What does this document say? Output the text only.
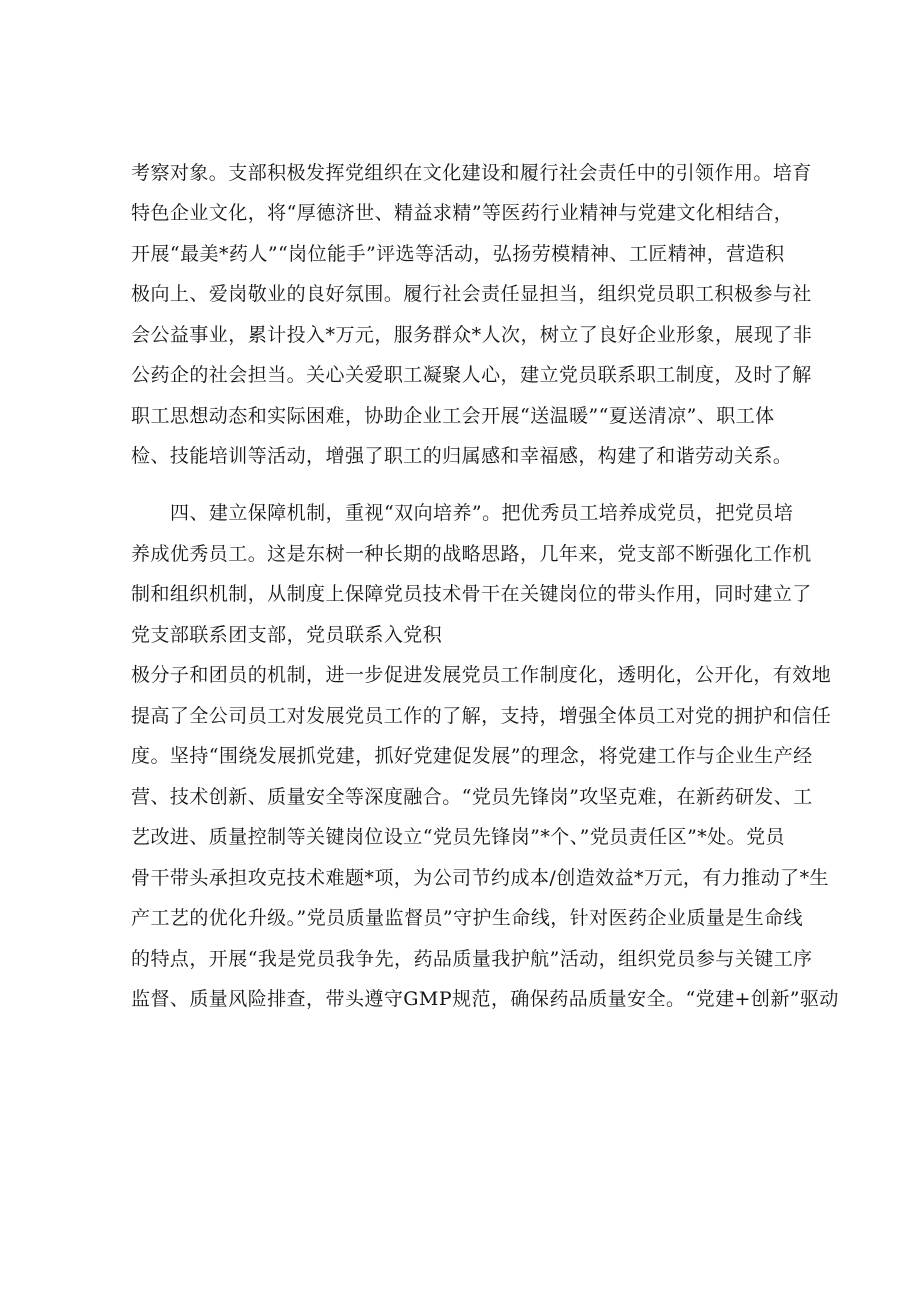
考察对象。支部积极发挥党组织在文化建设和履行社会责任中的引领作用。培育
特色企业文化，将“厚德济世、精益求精”等医药行业精神与党建文化相结合，
开展“最美*药人”“岗位能手”评选等活动，弘扬劳模精神、工匠精神，营造积
极向上、爱岗敬业的良好氛围。履行社会责任显担当，组织党员职工积极参与社
会公益事业，累计投入*万元，服务群众*人次，树立了良好企业形象，展现了非
公药企的社会担当。关心关爱职工凝聚人心，建立党员联系职工制度，及时了解
职工思想动态和实际困难，协助企业工会开展“送温暖”“夏送清凉”、职工体
检、技能培训等活动，增强了职工的归属感和幸福感，构建了和谐劳动关系。
四、建立保障机制，重视“双向培养”。把优秀员工培养成党员，把党员培
养成优秀员工。这是东树一种长期的战略思路，几年来，党支部不断强化工作机
制和组织机制，从制度上保障党员技术骨干在关键岗位的带头作用，同时建立了
党支部联系团支部，党员联系入党积
极分子和团员的机制，进一步促进发展党员工作制度化，透明化，公开化，有效地
提高了全公司员工对发展党员工作的了解，支持，增强全体员工对党的拥护和信任
度。坚持“围绕发展抓党建，抓好党建促发展”的理念，将党建工作与企业生产经
营、技术创新、质量安全等深度融合。“党员先锋岗”攻坚克难，在新药研发、工
艺改进、质量控制等关键岗位设立“党员先锋岗”*个、”党员责任区”*处。党员
骨干带头承担攻克技术难题*项，为公司节约成本/创造效益*万元，有力推动了*生
产工艺的优化升级。”党员质量监督员”守护生命线，针对医药企业质量是生命线
的特点，开展“我是党员我争先，药品质量我护航”活动，组织党员参与关键工序
监督、质量风险排查，带头遵守GMP规范，确保药品质量安全。“党建+创新”驱动
